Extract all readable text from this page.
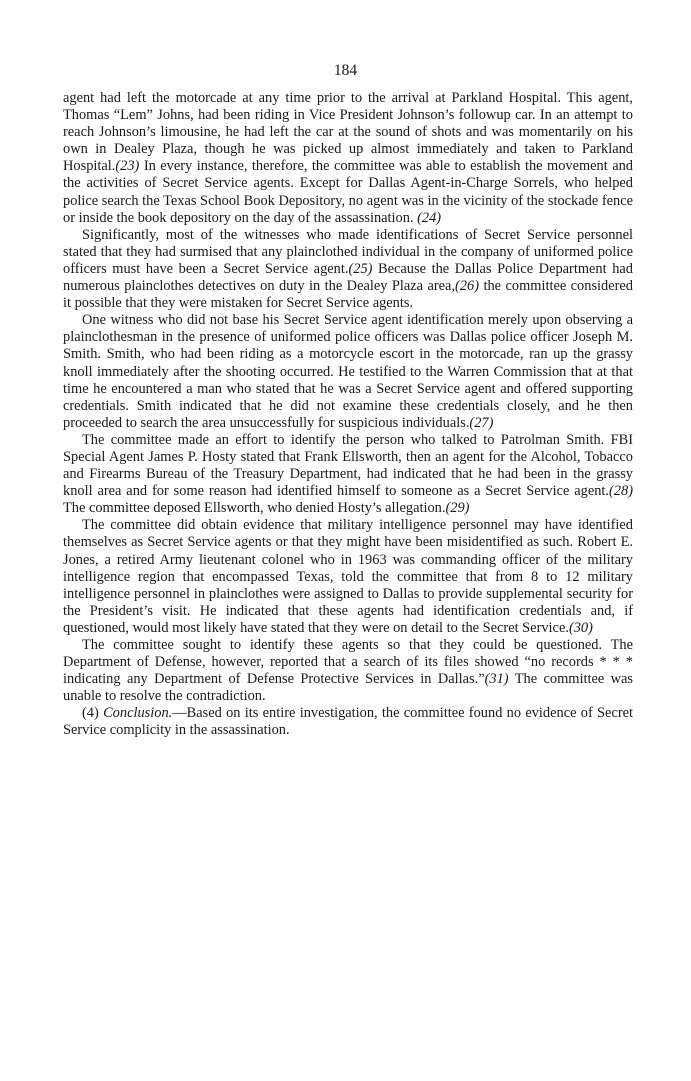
184

agent had left the motorcade at any time prior to the arrival at Parkland Hospital. This agent, Thomas “Lem” Johns, had been riding in Vice President Johnson’s followup car. In an attempt to reach Johnson’s limousine, he had left the car at the sound of shots and was momentarily on his own in Dealey Plaza, though he was picked up almost immediately and taken to Parkland Hospital.(23) In every instance, therefore, the committee was able to establish the movement and the activities of Secret Service agents. Except for Dallas Agent-in-Charge Sorrels, who helped police search the Texas School Book Depository, no agent was in the vicinity of the stockade fence or inside the book depository on the day of the assassination. (24)

Significantly, most of the witnesses who made identifications of Secret Service personnel stated that they had surmised that any plainclothed individual in the company of uniformed police officers must have been a Secret Service agent.(25) Because the Dallas Police Department had numerous plainclothes detectives on duty in the Dealey Plaza area,(26) the committee considered it possible that they were mistaken for Secret Service agents.

One witness who did not base his Secret Service agent identification merely upon observing a plainclothesman in the presence of uniformed police officers was Dallas police officer Joseph M. Smith. Smith, who had been riding as a motorcycle escort in the motorcade, ran up the grassy knoll immediately after the shooting occurred. He testified to the Warren Commission that at that time he encountered a man who stated that he was a Secret Service agent and offered supporting credentials. Smith indicated that he did not examine these credentials closely, and he then proceeded to search the area unsuccessfully for suspicious individuals.(27)

The committee made an effort to identify the person who talked to Patrolman Smith. FBI Special Agent James P. Hosty stated that Frank Ellsworth, then an agent for the Alcohol, Tobacco and Firearms Bureau of the Treasury Department, had indicated that he had been in the grassy knoll area and for some reason had identified himself to someone as a Secret Service agent.(28) The committee deposed Ellsworth, who denied Hosty’s allegation.(29)

The committee did obtain evidence that military intelligence personnel may have identified themselves as Secret Service agents or that they might have been misidentified as such. Robert E. Jones, a retired Army lieutenant colonel who in 1963 was commanding officer of the military intelligence region that encompassed Texas, told the committee that from 8 to 12 military intelligence personnel in plainclothes were assigned to Dallas to provide supplemental security for the President’s visit. He indicated that these agents had identification credentials and, if questioned, would most likely have stated that they were on detail to the Secret Service.(30)

The committee sought to identify these agents so that they could be questioned. The Department of Defense, however, reported that a search of its files showed “no records * * * indicating any Department of Defense Protective Services in Dallas.”(31) The committee was unable to resolve the contradiction.

(4) Conclusion.—Based on its entire investigation, the committee found no evidence of Secret Service complicity in the assassination.
